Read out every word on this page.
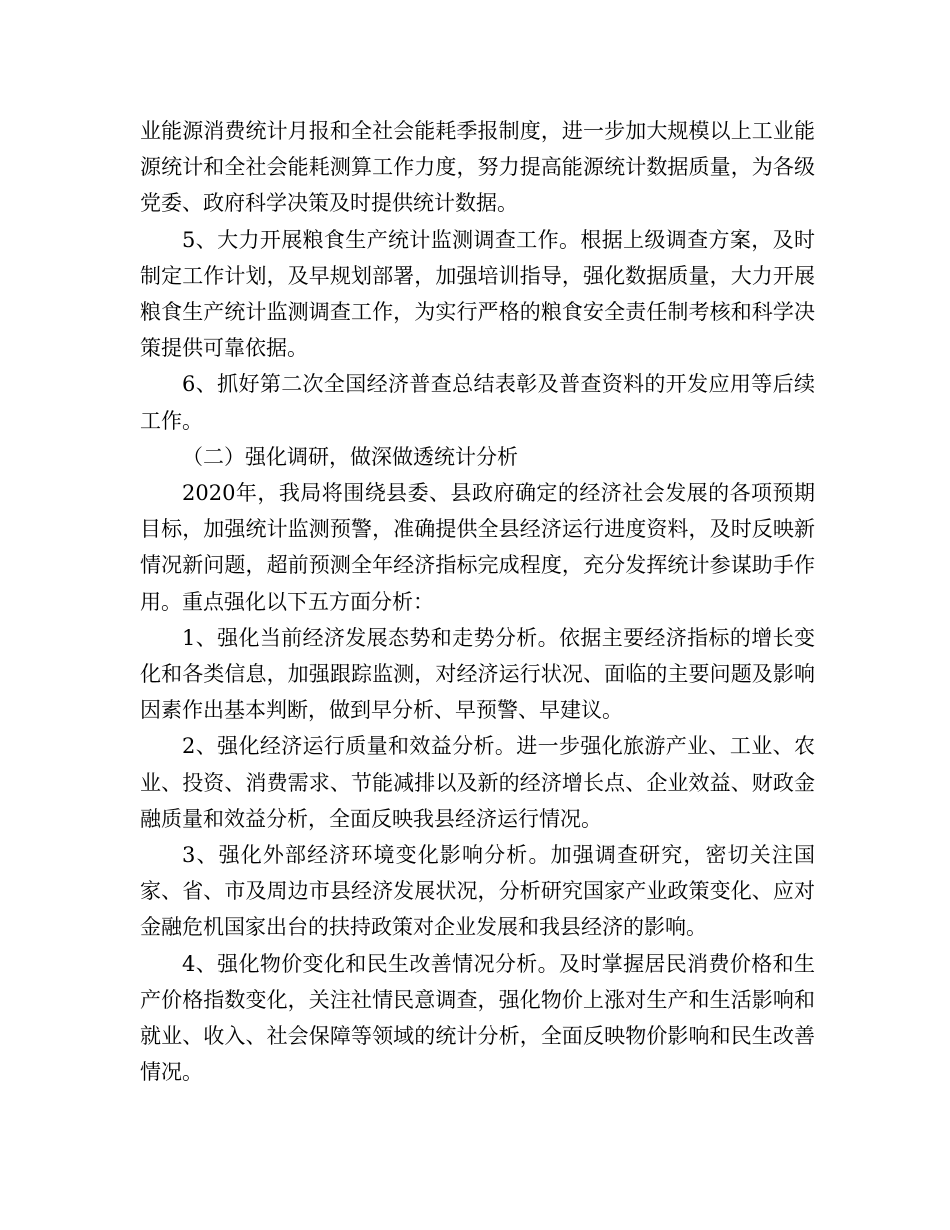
业能源消费统计月报和全社会能耗季报制度，进一步加大规模以上工业能源统计和全社会能耗测算工作力度，努力提高能源统计数据质量，为各级党委、政府科学决策及时提供统计数据。

5、大力开展粮食生产统计监测调查工作。根据上级调查方案，及时制定工作计划，及早规划部署，加强培训指导，强化数据质量，大力开展粮食生产统计监测调查工作，为实行严格的粮食安全责任制考核和科学决策提供可靠依据。

6、抓好第二次全国经济普查总结表彰及普查资料的开发应用等后续工作。

（二）强化调研，做深做透统计分析

2020年，我局将围绕县委、县政府确定的经济社会发展的各项预期目标，加强统计监测预警，准确提供全县经济运行进度资料，及时反映新情况新问题，超前预测全年经济指标完成程度，充分发挥统计参谋助手作用。重点强化以下五方面分析：

1、强化当前经济发展态势和走势分析。依据主要经济指标的增长变化和各类信息，加强跟踪监测，对经济运行状况、面临的主要问题及影响因素作出基本判断，做到早分析、早预警、早建议。

2、强化经济运行质量和效益分析。进一步强化旅游产业、工业、农业、投资、消费需求、节能减排以及新的经济增长点、企业效益、财政金融质量和效益分析，全面反映我县经济运行情况。

3、强化外部经济环境变化影响分析。加强调查研究，密切关注国家、省、市及周边市县经济发展状况，分析研究国家产业政策变化、应对金融危机国家出台的扶持政策对企业发展和我县经济的影响。

4、强化物价变化和民生改善情况分析。及时掌握居民消费价格和生产价格指数变化，关注社情民意调查，强化物价上涨对生产和生活影响和就业、收入、社会保障等领域的统计分析，全面反映物价影响和民生改善情况。
